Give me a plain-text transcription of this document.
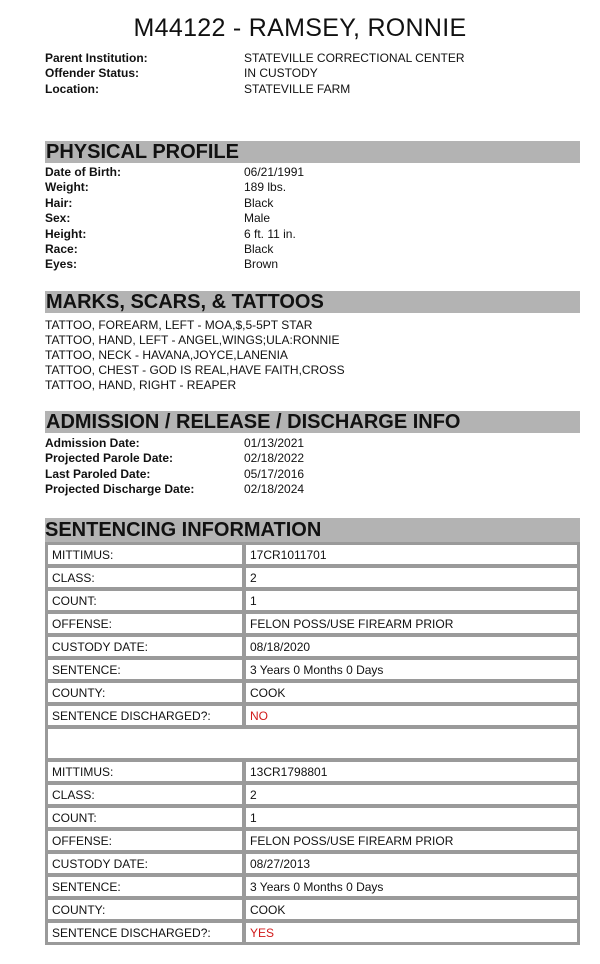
M44122 - RAMSEY, RONNIE
Parent Institution:	STATEVILLE CORRECTIONAL CENTER
Offender Status:	IN CUSTODY
Location:	STATEVILLE FARM
PHYSICAL PROFILE
Date of Birth:	06/21/1991
Weight:	189 lbs.
Hair:	Black
Sex:	Male
Height:	6 ft. 11 in.
Race:	Black
Eyes:	Brown
MARKS, SCARS, & TATTOOS
TATTOO, FOREARM, LEFT - MOA,$,5-5PT STAR
TATTOO, HAND, LEFT - ANGEL,WINGS;ULA:RONNIE
TATTOO, NECK - HAVANA,JOYCE,LANENIA
TATTOO, CHEST - GOD IS REAL,HAVE FAITH,CROSS
TATTOO, HAND, RIGHT - REAPER
ADMISSION / RELEASE / DISCHARGE INFO
Admission Date:	01/13/2021
Projected Parole Date:	02/18/2022
Last Paroled Date:	05/17/2016
Projected Discharge Date:	02/18/2024
SENTENCING INFORMATION
MITTIMUS:	17CR1011701
CLASS:	2
COUNT:	1
OFFENSE:	FELON POSS/USE FIREARM PRIOR
CUSTODY DATE:	08/18/2020
SENTENCE:	3 Years 0 Months 0 Days
COUNTY:	COOK
SENTENCE DISCHARGED?:	NO

MITTIMUS:	13CR1798801
CLASS:	2
COUNT:	1
OFFENSE:	FELON POSS/USE FIREARM PRIOR
CUSTODY DATE:	08/27/2013
SENTENCE:	3 Years 0 Months 0 Days
COUNTY:	COOK
SENTENCE DISCHARGED?:	YES
